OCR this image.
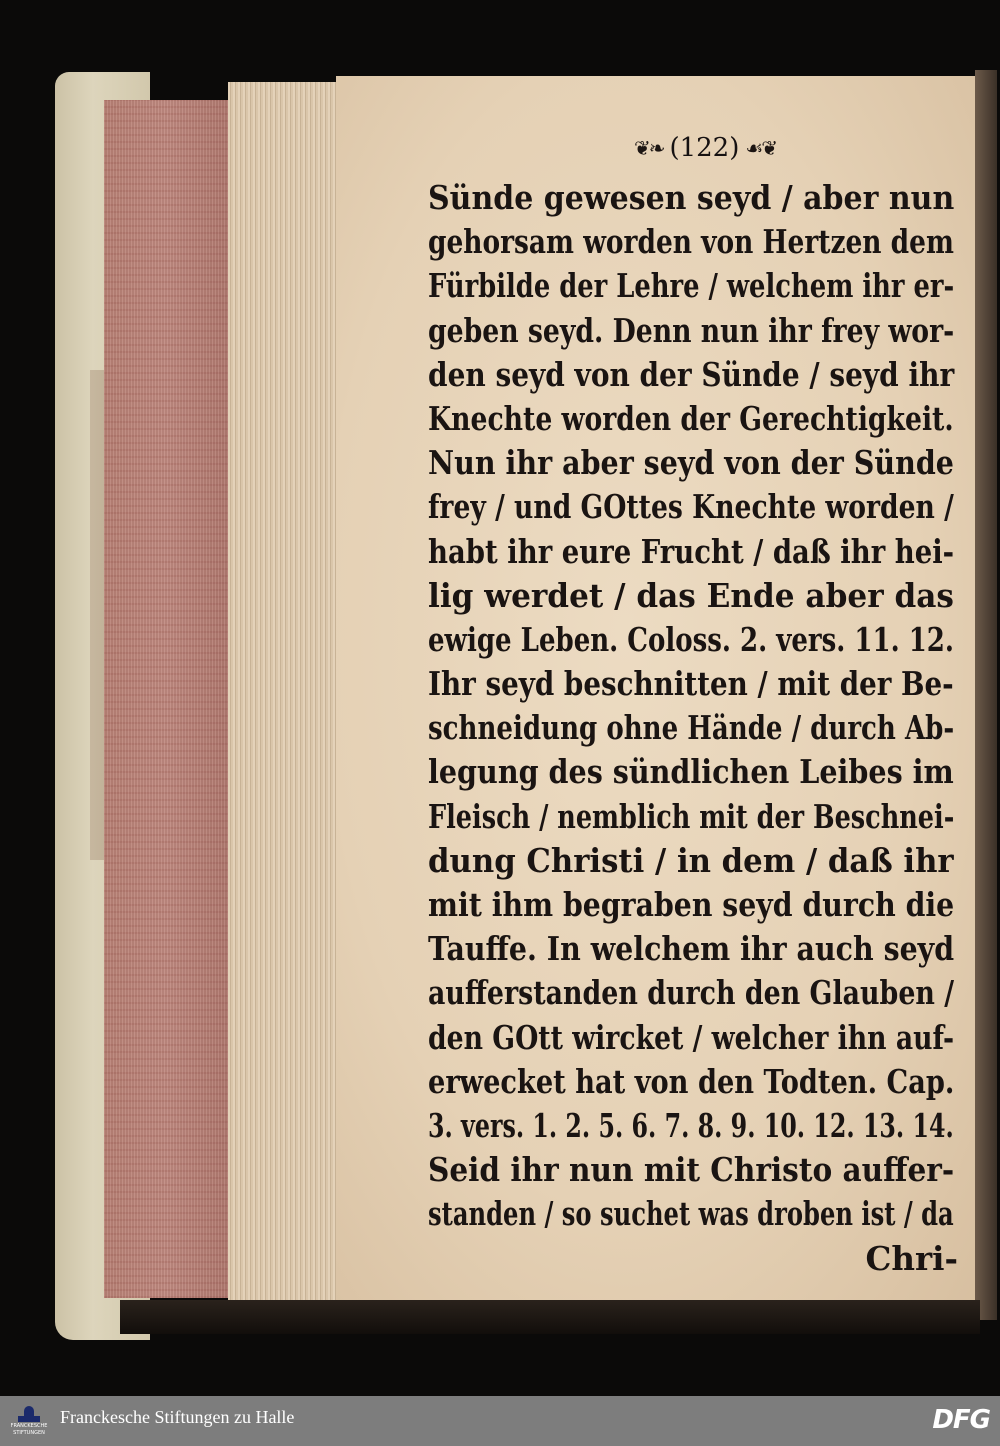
❦❧ (122) ☙❦
Sünde gewesen seyd / aber nun
gehorsam worden von Hertzen dem
Fürbilde der Lehre / welchem ihr er-
geben seyd. Denn nun ihr frey wor-
den seyd von der Sünde / seyd ihr
Knechte worden der Gerechtigkeit.
Nun ihr aber seyd von der Sünde
frey / und GOttes Knechte worden /
habt ihr eure Frucht / daß ihr hei-
lig werdet / das Ende aber das
ewige Leben. Coloss. 2. vers. 11. 12.
Ihr seyd beschnitten / mit der Be-
schneidung ohne Hände / durch Ab-
legung des sündlichen Leibes im
Fleisch / nemblich mit der Beschnei-
dung Christi / in dem / daß ihr
mit ihm begraben seyd durch die
Tauffe. In welchem ihr auch seyd
aufferstanden durch den Glauben /
den GOtt wircket / welcher ihn auf-
erwecket hat von den Todten. Cap.
3. vers. 1. 2. 5. 6. 7. 8. 9. 10. 12. 13. 14.
Seid ihr nun mit Christo auffer-
standen / so suchet was droben ist / da
Chri-
FRANCKESCHE
STIFTUNGEN
Franckesche Stiftungen zu Halle	DFG
